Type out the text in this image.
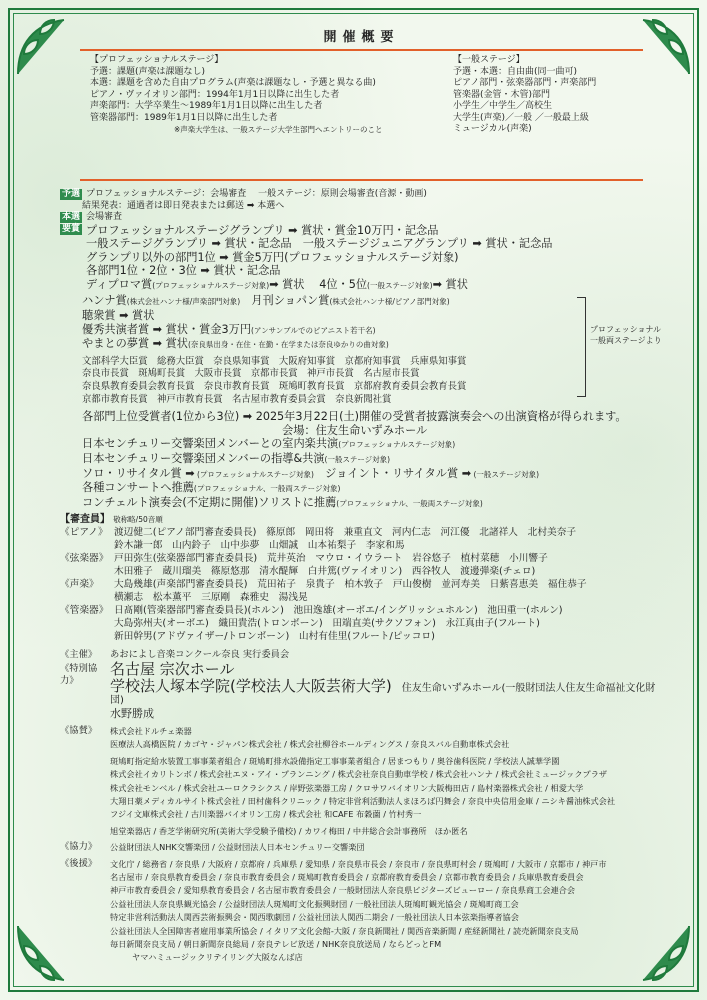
開催概要
【プロフェッショナルステージ】
予選：課題(声楽は課題なし)
本選：課題を含めた自由プログラム(声楽は課題なし・予選と異なる曲)
ピアノ・ヴァイオリン部門：1994年1月1日以降に出生した者
声楽部門：大学卒業生〜1989年1月1日以降に出生した者
管楽器部門：1989年1月1日以降に出生した者
※声楽大学生は、一般ステージ大学生部門へエントリーのこと
【一般ステージ】
予選・本選：自由曲(同一曲可)
ピアノ部門・弦楽器部門・声楽部門
管楽器(金管・木管)部門
小学生／中学生／高校生
大学生(声楽)／一般 ／一般最上級
ミュージカル(声楽)
予選 プロフェッショナルステージ：会場審査　 一般ステージ：原則会場審査(音源・動画)
結果発表：通過者は即日発表または郵送 ➡ 本選へ
本選 会場審査
要賞 プロフェッショナルステージグランプリ ➡ 賞状・賞金10万円・記念品
一般ステージグランプリ ➡ 賞状・記念品　一般ステージジュニアグランプリ ➡ 賞状・記念品
グランプリ以外の部門1位 ➡ 賞金5万円(プロフェッショナルステージ対象)
各部門1位・2位・3位 ➡ 賞状・記念品
ディプロマ賞(プロフェッショナルステージ対象)➡ 賞状　 4位・5位(一般ステージ対象)➡ 賞状
プロフェッショナル
一般両ステージより
ハンナ賞(株式会社ハンナ様/声楽部門対象)　月刊ショパン賞(株式会社ハンナ様/ピアノ部門対象)
聴衆賞 ➡ 賞状
優秀共演者賞 ➡ 賞状・賞金3万円(アンサンブルでのピアニスト若干名)
やまとの夢賞 ➡ 賞状(奈良県出身・在住・在勤・在学または奈良ゆかりの曲対象)
文部科学大臣賞　総務大臣賞　奈良県知事賞　大阪府知事賞　京都府知事賞　兵庫県知事賞
奈良市長賞　斑鳩町長賞　大阪市長賞　京都市長賞　神戸市長賞　名古屋市長賞
奈良県教育委員会教育長賞　奈良市教育長賞　斑鳩町教育長賞　京都府教育委員会教育長賞
京都市教育長賞　神戸市教育長賞　名古屋市教育委員会賞　奈良新聞社賞
各部門上位受賞者(1位から3位) ➡ 2025年3月22日(土)開催の受賞者披露演奏会への出演資格が得られます。
会場：住友生命いずみホール
日本センチュリー交響楽団メンバーとの室内楽共演(プロフェッショナルステージ対象)
日本センチュリー交響楽団メンバーの指導&共演(一般ステージ対象)
ソロ・リサイタル賞 ➡ (プロフェッショナルステージ対象)　ジョイント・リサイタル賞 ➡ (一般ステージ対象)
各種コンサートへ推薦(プロフェッショナル、一般両ステージ対象)
コンチェルト演奏会(不定期に開催)ソリストに推薦(プロフェッショナル、一般両ステージ対象)
【審査員】 敬称略/50音順
《ピアノ》 渡辺健二(ピアノ部門審査委員長)　篠原郎　岡田将　兼重直文　河内仁志　河江優　北諸祥人　北村美奈子
鈴木謙一郎　山内鈴子　山中歩夢　山畑誠　山本祐梨子　李家和馬
《弦楽器》 戸田弥生(弦楽器部門審査委員長)　荒井英治　マウロ・イウラート　岩谷悠子　植村菜穂　小川響子
木田雅子　蔵川瑠美　篠原悠那　清水醍輝　白井篤(ヴァイオリン)　西谷牧人　渡邊弾楽(チェロ)
《声楽》	大島幾雄(声楽部門審査委員長)　荒田祐子　泉貴子　柏木敦子　戸山俊樹　並河寿美　日紫喜恵美　福住恭子
横瀬志　松本薫平　三原剛　森雅史　湯浅晃
《管楽器》 日髙剛(管楽器部門審査委員長)(ホルン)　池田逸雄(オーボエ/イングリッシュホルン)　池田重一(ホルン)
大島弥州夫(オーボエ)　織田貴浩(トロンボーン)　田端直美(サクソフォン)　永江真由子(フルート)
新田幹男(アドヴァイザー/トロンボーン)　山村有佳里(フルート/ピッコロ)
《主催》	あおによし音楽コンクール奈良 実行委員会
《特別協力》
名古屋 宗次ホール
学校法人塚本学院(学校法人大阪芸術大学)　 住友生命いずみホール(一般財団法人住友生命福祉文化財団)
水野勝成
《協賛》	株式会社ドルチェ楽器
医療法人高橋医院 / カゴヤ・ジャパン株式会社 / 株式会社柳谷ホールディングス / 奈良スバル自動車株式会社
斑鳩町指定給水装置工事事業者組合 / 斑鳩町排水設備指定工事事業者組合 / 居まつもり / 奥谷歯科医院 / 学校法人誠華学園
株式会社イカリトンボ / 株式会社エヌ・アイ・プランニング / 株式会社奈良自動車学校 / 株式会社ハンナ / 株式会社ミュージックプラザ
株式会社モンベル / 株式会社ユーロクラシクス / 岸野弦楽器工房 / クロサワバイオリン大阪梅田店 / 島村楽器株式会社 / 相愛大学
大翔日薬メディカルサイト株式会社 / 田村歯科クリニック / 特定非営利活動法人まほろば円舞会 / 奈良中央信用金庫 / ニシキ醤油株式会社
フジイ文庫株式会社 / 古川楽器バイオリン工房 / 株式会社 和CAFE 布穀薗 / 竹村秀一
旭堂楽器店 / 香芝学術研究所(美術大学受験予備校) / カワイ梅田 / 中井総合会計事務所　ほか匿名
《協力》	公益財団法人NHK交響楽団 / 公益財団法人日本センチュリー交響楽団
《後援》	文化庁 / 総務省 / 奈良県 / 大阪府 / 京都府 / 兵庫県 / 愛知県 / 奈良県市長会 / 奈良市 / 奈良県町村会 / 斑鳩町 / 大阪市 / 京都市 / 神戸市
名古屋市 / 奈良県教育委員会 / 奈良市教育委員会 / 斑鳩町教育委員会 / 京都府教育委員会 / 京都市教育委員会 / 兵庫県教育委員会
神戸市教育委員会 / 愛知県教育委員会 / 名古屋市教育委員会 / 一般財団法人奈良県ビジターズビューロー / 奈良県商工会連合会
公益社団法人奈良県観光協会 / 公益財団法人斑鳩町文化振興財団 / 一般社団法人斑鳩町観光協会 / 斑鳩町商工会
特定非営利活動法人関西芸術振興会・関西歌劇団 / 公益社団法人関西二期会 / 一般社団法人日本弦楽指導者協会
公益社団法人全国障害者雇用事業所協会 / イタリア文化会館-大阪 / 奈良新聞社 / 関西音楽新聞 / 産経新聞社 / 読売新聞奈良支局
毎日新聞奈良支局 / 朝日新聞奈良総局 / 奈良テレビ放送 / NHK奈良放送局 / ならどっとFM
ヤマハミュージックリテイリング大阪なんば店
